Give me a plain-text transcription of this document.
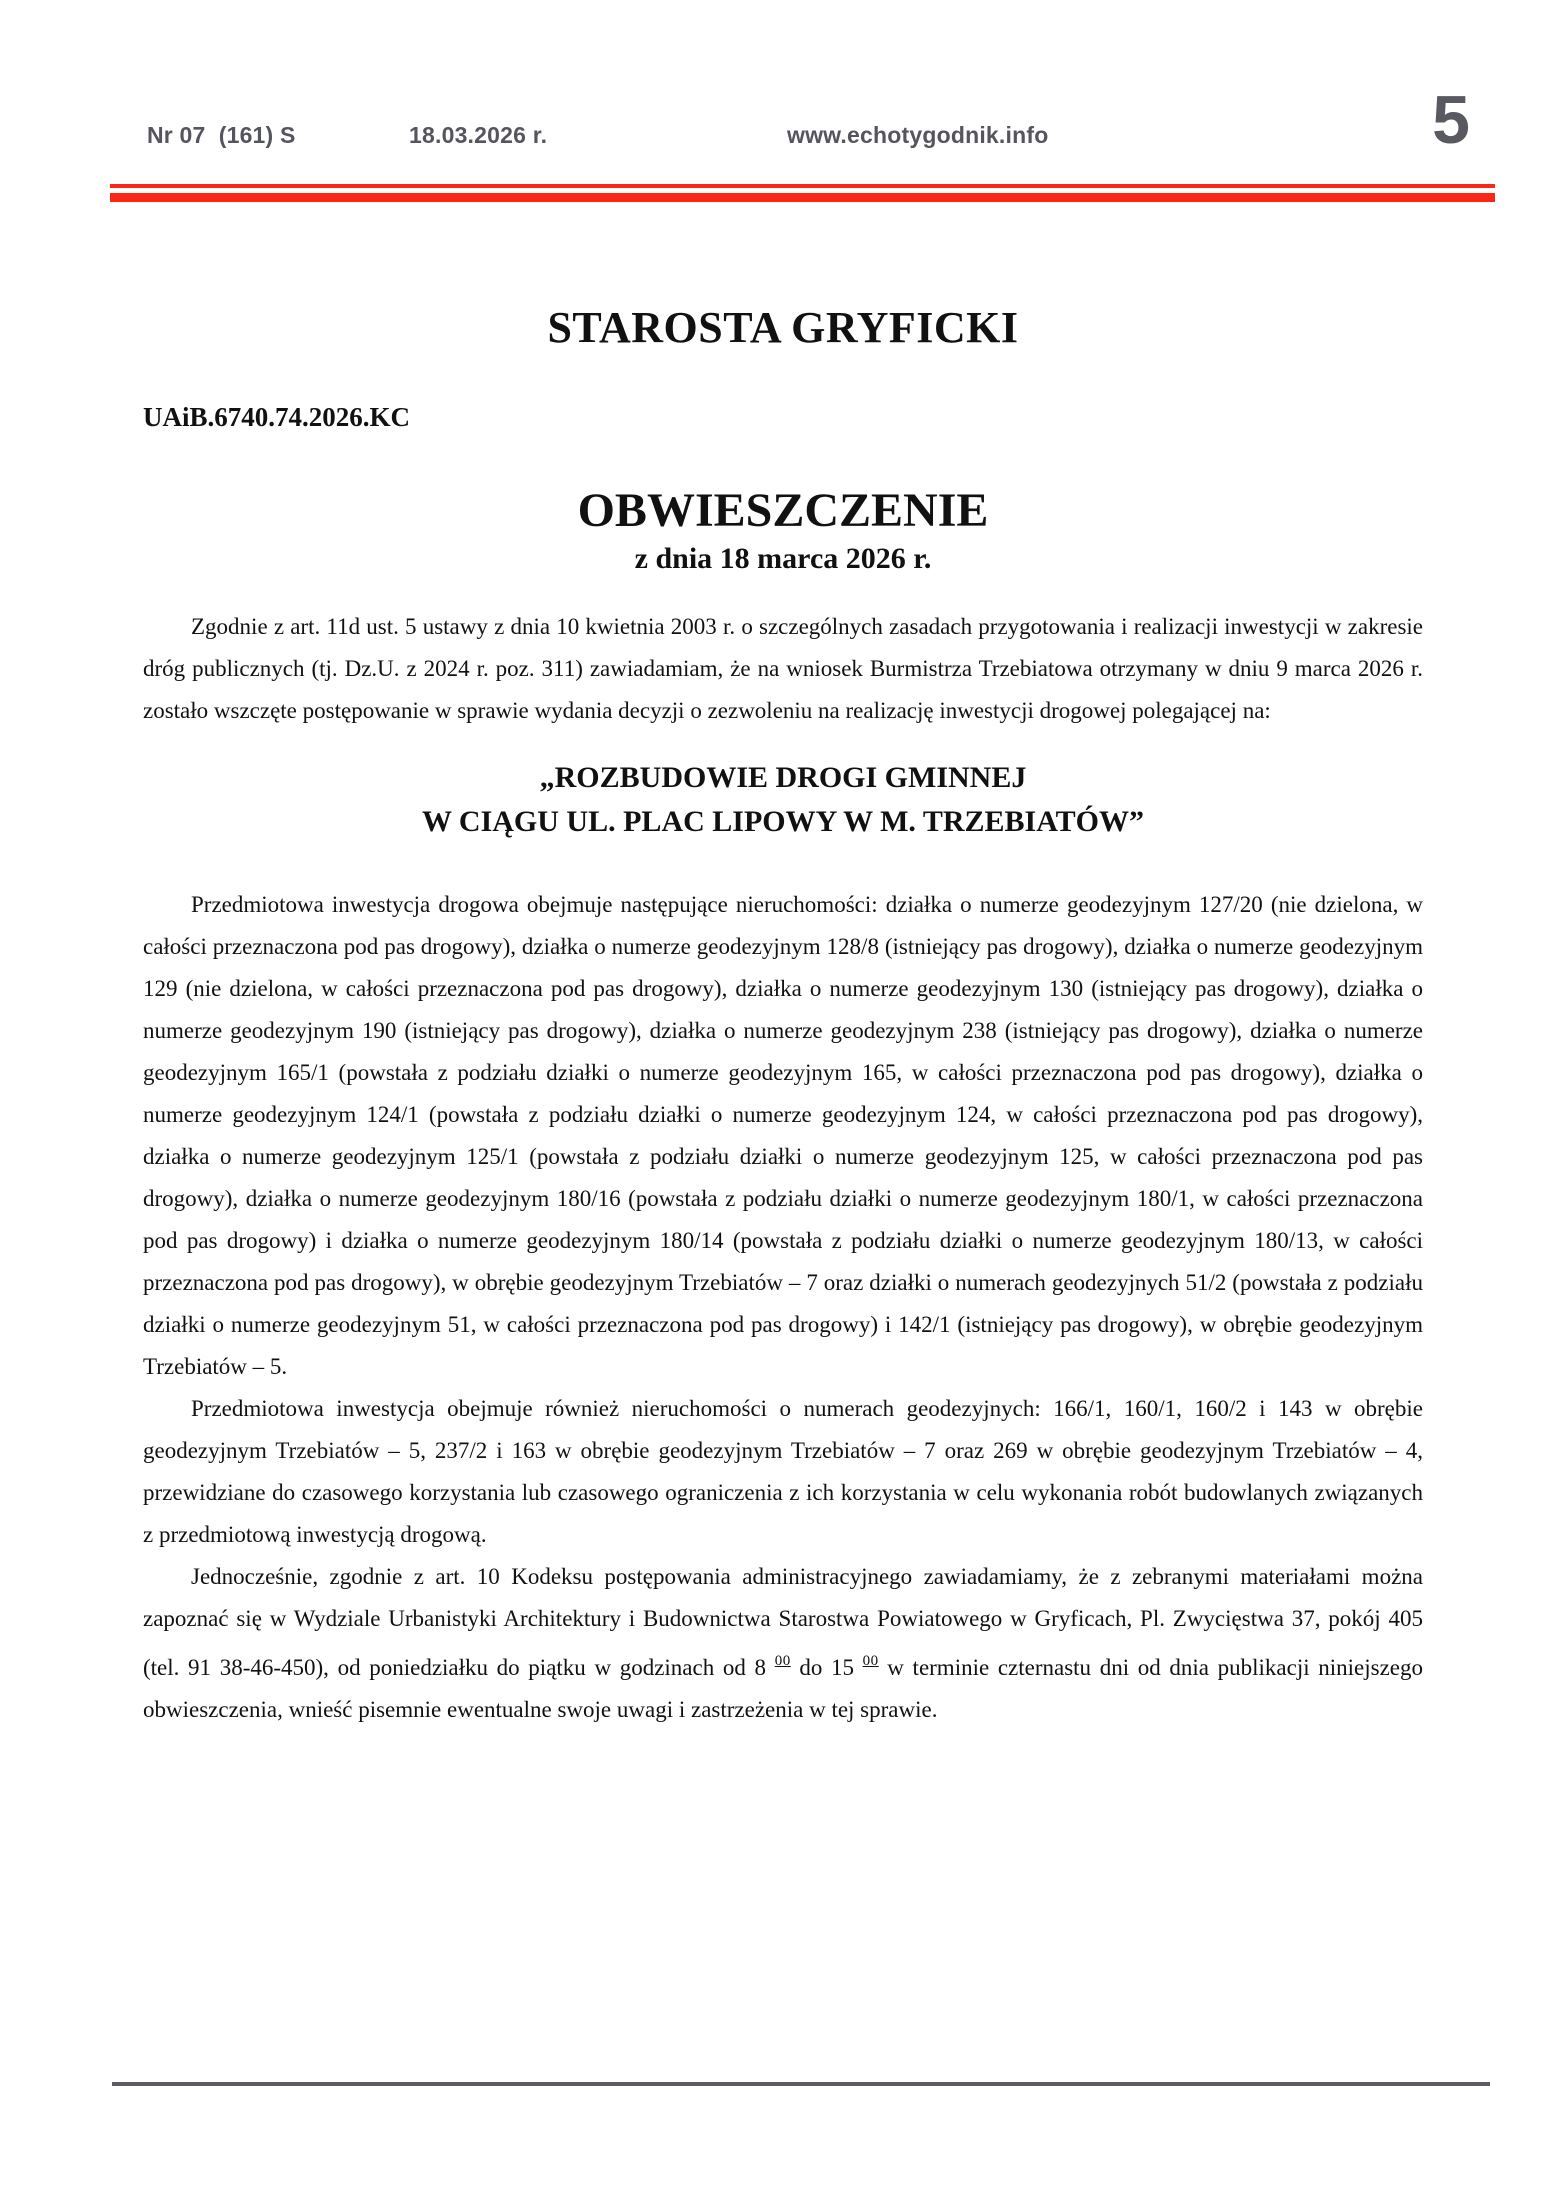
Nr 07  (161) S	18.03.2026 r.	www.echotygodnik.info	5
STAROSTA GRYFICKI

UAiB.6740.74.2026.KC

OBWIESZCZENIE

z dnia 18 marca 2026 r.

Zgodnie z art. 11d ust. 5 ustawy z dnia 10 kwietnia 2003 r. o szczególnych zasadach przygotowania i realizacji inwestycji w zakresie dróg publicznych (tj. Dz.U. z 2024 r. poz. 311) zawiadamiam, że na wniosek Burmistrza Trzebiatowa otrzymany w dniu 9 marca 2026 r. zostało wszczęte postępowanie w sprawie wydania decyzji o zezwoleniu na realizację inwestycji drogowej polegającej na:

„ROZBUDOWIE DROGI GMINNEJ
W CIĄGU UL. PLAC LIPOWY W M. TRZEBIATÓW”

Przedmiotowa inwestycja drogowa obejmuje następujące nieruchomości: działka o numerze geodezyjnym 127/20 (nie dzielona, w całości przeznaczona pod pas drogowy), działka o numerze geodezyjnym 128/8 (istniejący pas drogowy), działka o numerze geodezyjnym 129 (nie dzielona, w całości przeznaczona pod pas drogowy), działka o numerze geodezyjnym 130 (istniejący pas drogowy), działka o numerze geodezyjnym 190 (istniejący pas drogowy), działka o numerze geodezyjnym 238 (istniejący pas drogowy), działka o numerze geodezyjnym 165/1 (powstała z podziału działki o numerze geodezyjnym 165, w całości przeznaczona pod pas drogowy), działka o numerze geodezyjnym 124/1 (powstała z podziału działki o numerze geodezyjnym 124, w całości przeznaczona pod pas drogowy), działka o numerze geodezyjnym 125/1 (powstała z podziału działki o numerze geodezyjnym 125, w całości przeznaczona pod pas drogowy), działka o numerze geodezyjnym 180/16 (powstała z podziału działki o numerze geodezyjnym 180/1, w całości przeznaczona pod pas drogowy) i działka o numerze geodezyjnym 180/14 (powstała z podziału działki o numerze geodezyjnym 180/13, w całości przeznaczona pod pas drogowy), w obrębie geodezyjnym Trzebiatów – 7 oraz działki o numerach geodezyjnych 51/2 (powstała z podziału działki o numerze geodezyjnym 51, w całości przeznaczona pod pas drogowy) i 142/1 (istniejący pas drogowy), w obrębie geodezyjnym Trzebiatów – 5.

Przedmiotowa inwestycja obejmuje również nieruchomości o numerach geodezyjnych: 166/1, 160/1, 160/2 i 143 w obrębie geodezyjnym Trzebiatów – 5, 237/2 i 163 w obrębie geodezyjnym Trzebiatów – 7 oraz 269 w obrębie geodezyjnym Trzebiatów – 4, przewidziane do czasowego korzystania lub czasowego ograniczenia z ich korzystania w celu wykonania robót budowlanych związanych z przedmiotową inwestycją drogową.

Jednocześnie, zgodnie z art. 10 Kodeksu postępowania administracyjnego zawiadamiamy, że z zebranymi materiałami można zapoznać się w Wydziale Urbanistyki Architektury i Budownictwa Starostwa Powiatowego w Gryficach, Pl. Zwycięstwa 37, pokój 405 (tel. 91 38-46-450), od poniedziałku do piątku w godzinach od 8 $^{00}$ do 15 $^{00}$ w terminie czternastu dni od dnia publikacji niniejszego obwieszczenia, wnieść pisemnie ewentualne swoje uwagi i zastrzeżenia w tej sprawie.
